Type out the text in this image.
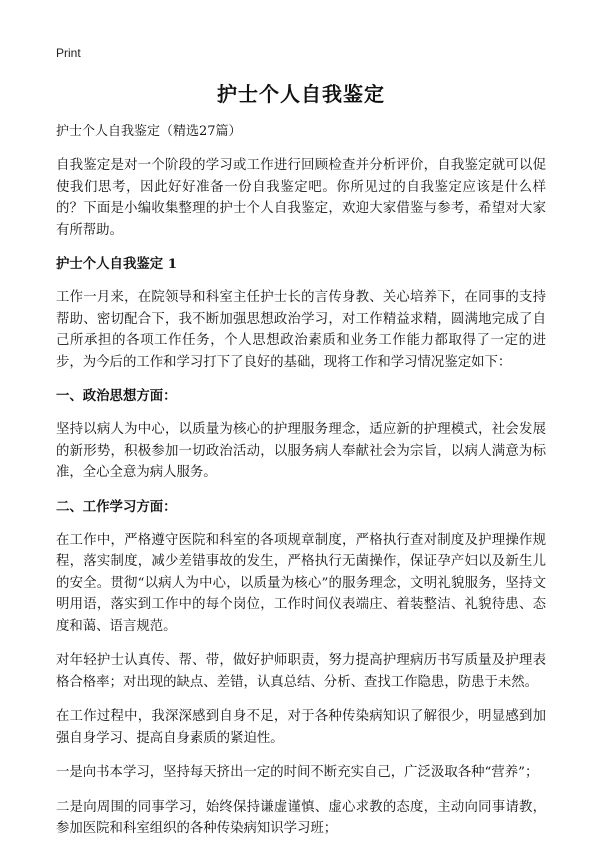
Print
护士个人自我鉴定
护士个人自我鉴定（精选27篇）

自我鉴定是对一个阶段的学习或工作进行回顾检查并分析评价，自我鉴定就可以促使我们思考，因此好好准备一份自我鉴定吧。你所见过的自我鉴定应该是什么样的？下面是小编收集整理的护士个人自我鉴定，欢迎大家借鉴与参考，希望对大家有所帮助。

护士个人自我鉴定 1

工作一月来，在院领导和科室主任护士长的言传身教、关心培养下，在同事的支持帮助、密切配合下，我不断加强思想政治学习，对工作精益求精，圆满地完成了自己所承担的各项工作任务，个人思想政治素质和业务工作能力都取得了一定的进步，为今后的工作和学习打下了良好的基础，现将工作和学习情况鉴定如下：

一、政治思想方面：

坚持以病人为中心，以质量为核心的护理服务理念，适应新的护理模式，社会发展的新形势，积极参加一切政治活动，以服务病人奉献社会为宗旨，以病人满意为标准，全心全意为病人服务。

二、工作学习方面：

在工作中，严格遵守医院和科室的各项规章制度，严格执行查对制度及护理操作规程，落实制度，减少差错事故的发生，严格执行无菌操作，保证孕产妇以及新生儿的安全。贯彻“以病人为中心，以质量为核心”的服务理念，文明礼貌服务，坚持文明用语，落实到工作中的每个岗位，工作时间仪表端庄、着装整洁、礼貌待患、态度和蔼、语言规范。

对年轻护士认真传、帮、带，做好护师职责，努力提高护理病历书写质量及护理表格合格率；对出现的缺点、差错，认真总结、分析、查找工作隐患，防患于未然。

在工作过程中，我深深感到自身不足，对于各种传染病知识了解很少，明显感到加强自身学习、提高自身素质的紧迫性。

一是向书本学习，坚持每天挤出一定的时间不断充实自己，广泛汲取各种“营养”；

二是向周围的同事学习，始终保持谦虚谨慎、虚心求教的态度，主动向同事请教，参加医院和科室组织的各种传染病知识学习班；
